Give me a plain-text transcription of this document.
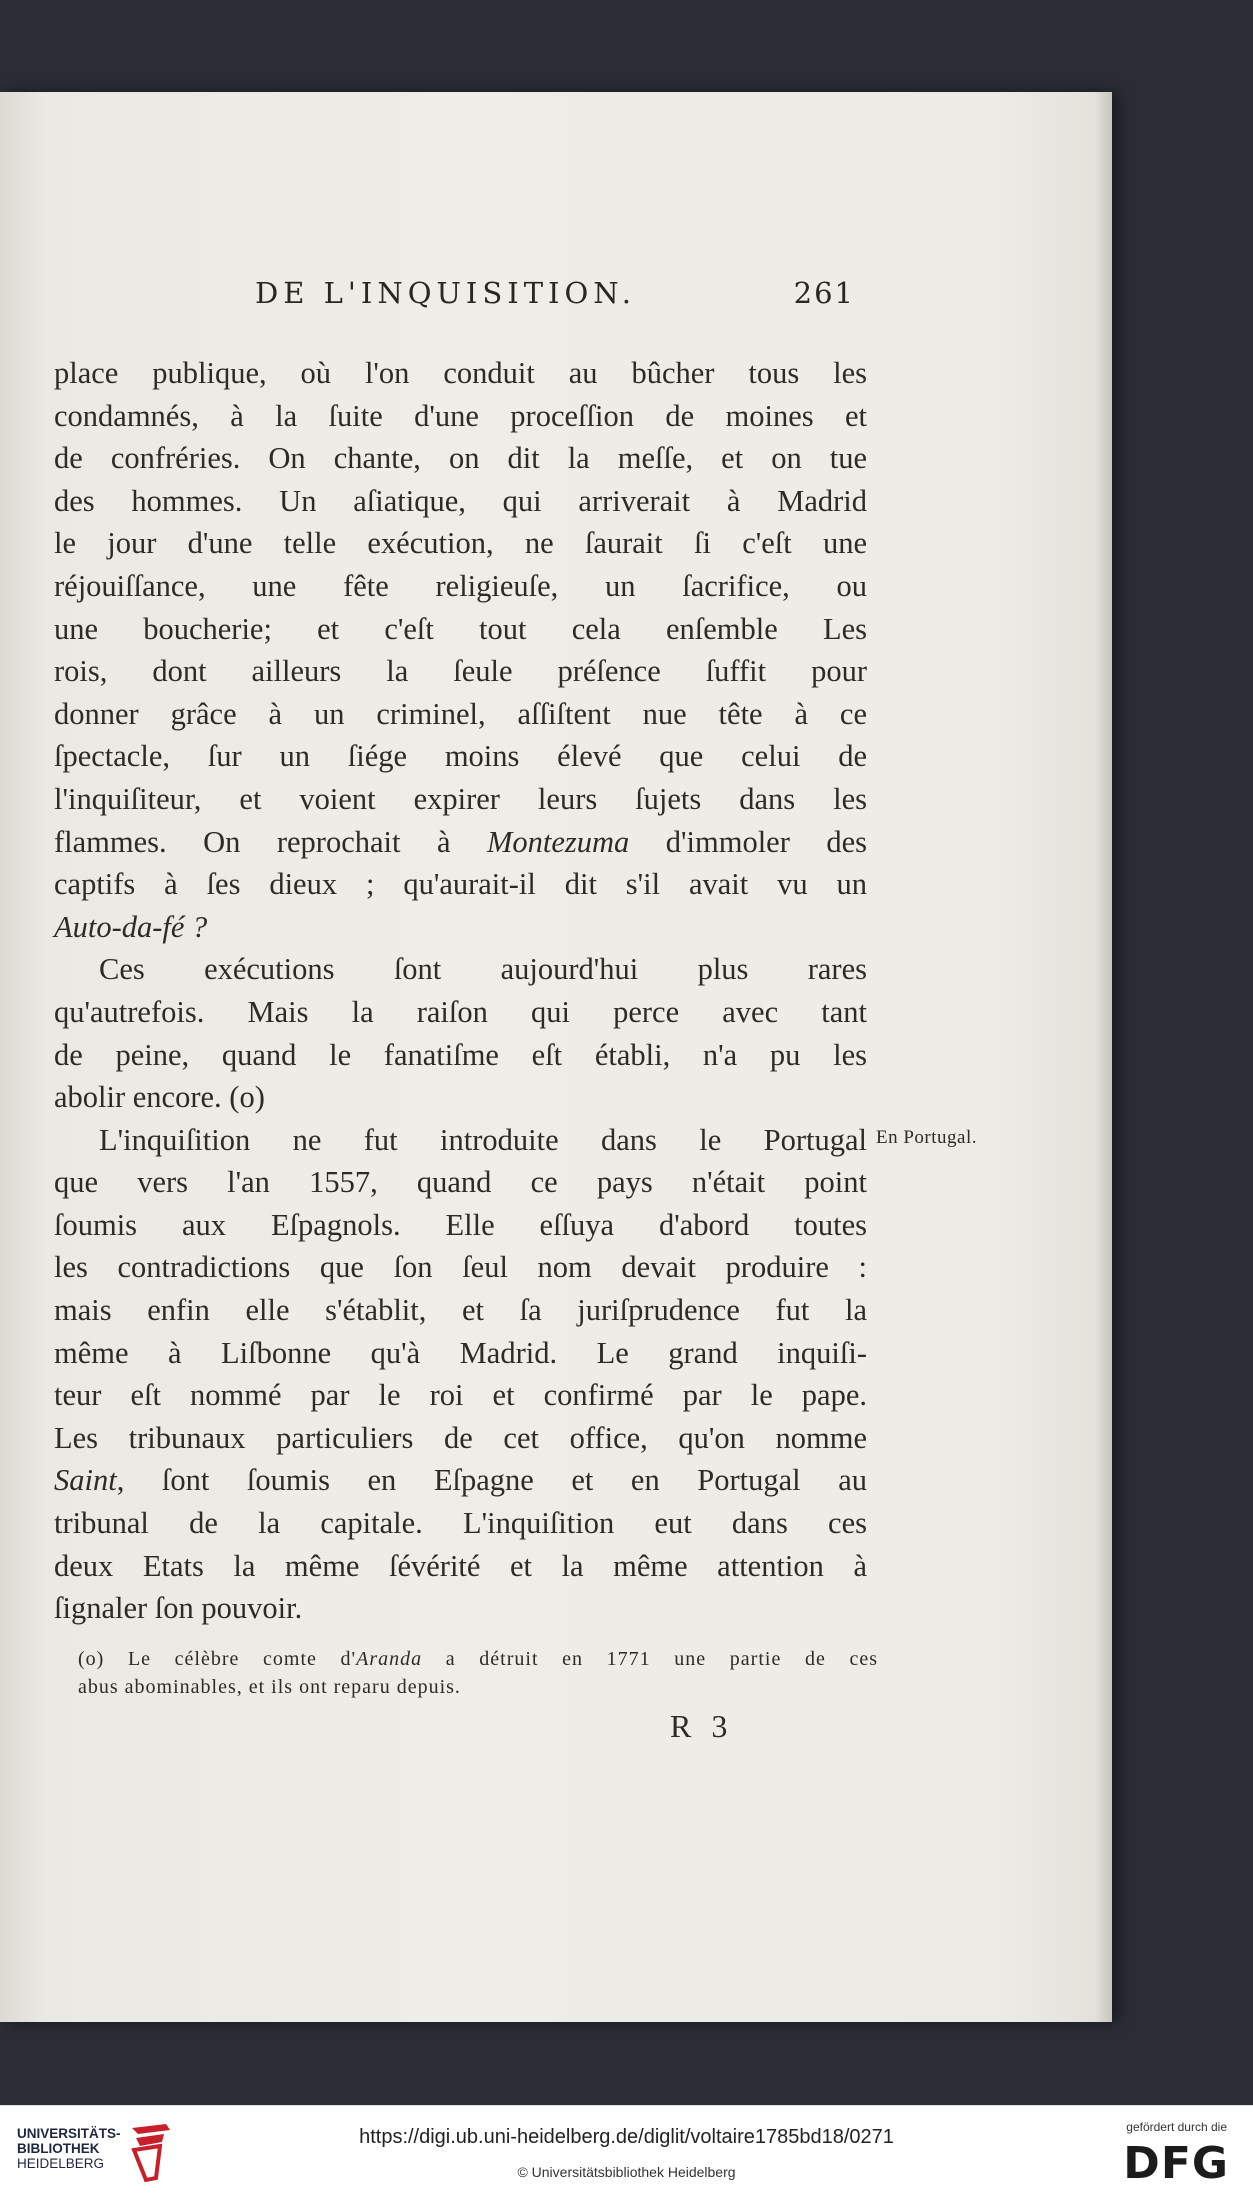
DE L'INQUISITION.	261
place publique, où l'on conduit au bûcher tous les
condamnés, à la ſuite d'une proceſſion de moines et
de confréries. On chante, on dit la meſſe, et on tue
des hommes. Un aſiatique, qui arriverait à Madrid
le jour d'une telle exécution, ne ſaurait ſi c'eſt une
réjouiſſance, une fête religieuſe, un ſacrifice, ou
une boucherie; et c'eſt tout cela enſemble Les
rois, dont ailleurs la ſeule préſence ſuffit pour
donner grâce à un criminel, aſſiſtent nue tête à ce
ſpectacle, ſur un ſiége moins élevé que celui de
l'inquiſiteur, et voient expirer leurs ſujets dans les
flammes. On reprochait à Montezuma d'immoler des
captifs à ſes dieux ; qu'aurait-il dit s'il avait vu un
Auto-da-fé ?
Ces exécutions ſont aujourd'hui plus rares
qu'autrefois. Mais la raiſon qui perce avec tant
de peine, quand le fanatiſme eſt établi, n'a pu les
abolir encore. (o)
L'inquiſition ne fut introduite dans le Portugal
que vers l'an 1557, quand ce pays n'était point
ſoumis aux Eſpagnols. Elle eſſuya d'abord toutes
les contradictions que ſon ſeul nom devait produire :
mais enfin elle s'établit, et ſa juriſprudence fut la
même à Liſbonne qu'à Madrid. Le grand inquiſi-
teur eſt nommé par le roi et confirmé par le pape.
Les tribunaux particuliers de cet office, qu'on nomme
Saint, ſont ſoumis en Eſpagne et en Portugal au
tribunal de la capitale. L'inquiſition eut dans ces
deux Etats la même ſévérité et la même attention à
ſignaler ſon pouvoir.
En Portugal.
(o) Le célèbre comte d'Aranda a détruit en 1771 une partie de ces
abus abominables, et ils ont reparu depuis.
R 3
UNIVERSITÄTS-
BIBLIOTHEK
HEIDELBERG
https://digi.ub.uni-heidelberg.de/diglit/voltaire1785bd18/0271
© Universitätsbibliothek Heidelberg
gefördert durch die
DFG
